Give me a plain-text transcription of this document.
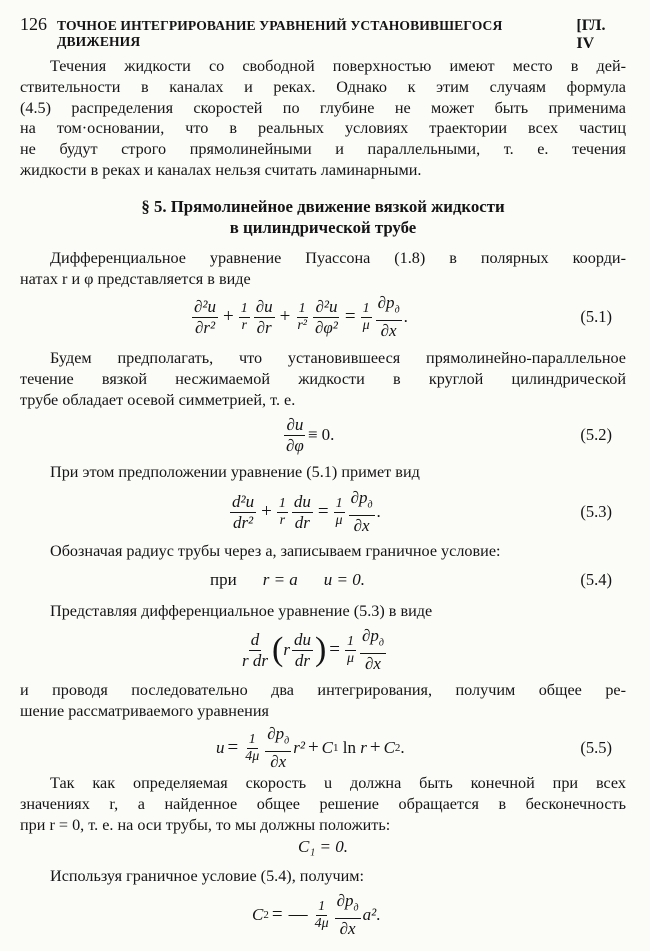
126 ТОЧНОЕ ИНТЕГРИРОВАНИЕ УРАВНЕНИЙ УСТАНОВИВШЕГОСЯ ДВИЖЕНИЯ
[ГЛ. IV
Течения жидкости со свободной поверхностью имеют место в дей-
ствительности в каналах и реках. Однако к этим случаям формула
(4.5) распределения скоростей по глубине не может быть применима
на том·основании, что в реальных условиях траектории всех частиц
не будут строго прямолинейными и параллельными, т. е. течения
жидкости в реках и каналах нельзя считать ламинарными.
§ 5. Прямолинейное движение вязкой жидкости
в цилиндрической трубе
Дифференциальное уравнение Пуассона (1.8) в полярных коорди-
натах r и φ представляется в виде
$\frac{\text{∂²u}}{\text{∂r²}} + \frac{1}{r} \frac{\partial u}{\partial r} + \frac{1}{\text{r²}} \frac{\text{∂²u}}{\text{∂φ²}} = \frac{1}{\mu} \frac{\partial p_д}{\partial x}$ .	(5.1)
Будем предполагать, что установившееся прямолинейно-параллельное
течение вязкой несжимаемой жидкости в круглой цилиндрической
трубе обладает осевой симметрией, т. е.
$\frac{\partial u}{\partial\varphi} \equiv 0$.	(5.2)
При этом предположении уравнение (5.1) примет вид
$\frac{\text{d²u}}{\text{dr²}} + \frac{1}{r} \frac{du}{dr} = \frac{1}{\mu} \frac{\partial p_д}{\partial x}$ .	(5.3)
Обозначая радиус трубы через a, записываем граничное условие:
при r = a u = 0.	(5.4)
Представляя дифференциальное уравнение (5.3) в виде
$\frac{d}{\text{r dr}}$ ( r $\frac{du}{dr}$ ) = $\frac{1}{\mu} \frac{\partial p_д}{\partial x}$
и проводя последовательно два интегрирования, получим общее ре-
шение рассматриваемого уравнения
$u = \frac{1}{4\mu} \frac{\partial p_д}{\partial x} r^2 + C$ 1 ln r + C 2 .	(5.5)
Так как определяемая скорость u должна быть конечной при всех
значениях r, а найденное общее решение обращается в бесконечность
при r = 0, т. е. на оси трубы, то мы должны положить:
C₁ = 0.
Используя граничное условие (5.4), получим:
C 2 = — $\frac{1}{4\mu} \frac{\partial p_д}{\partial x} a^2$ .
